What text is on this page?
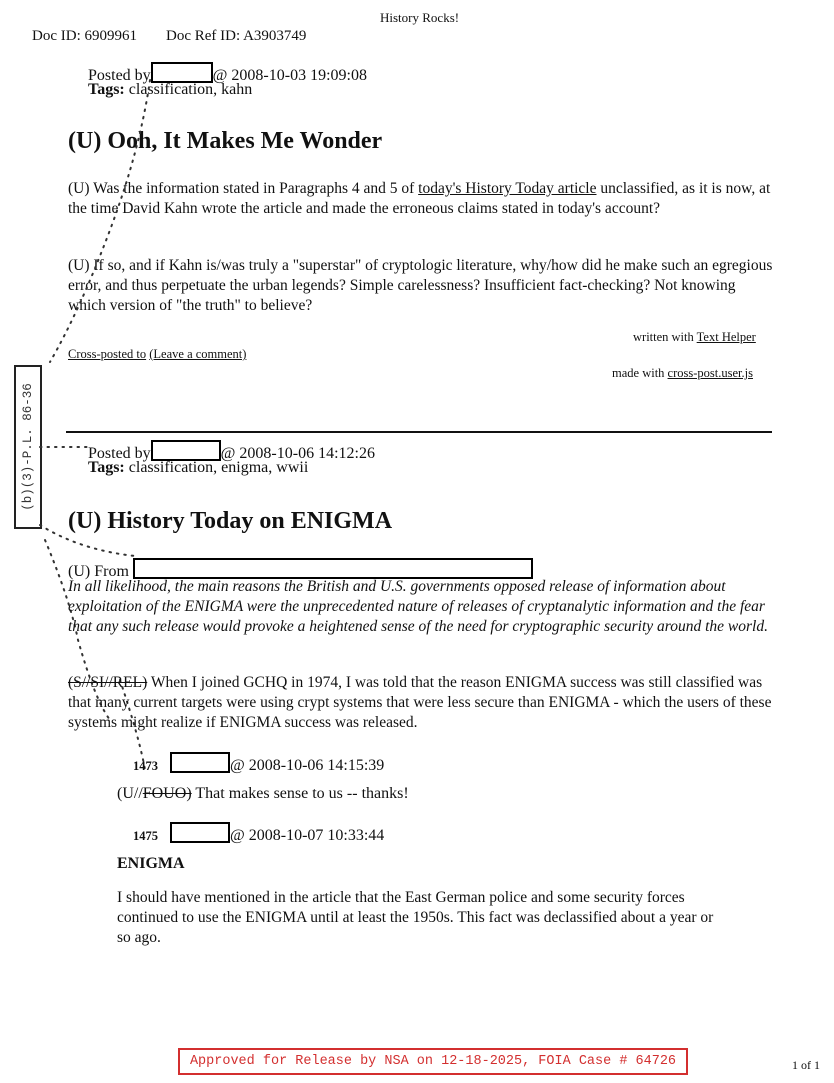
History Rocks!
Doc ID: 6909961 Doc Ref ID: A3903749
Posted by	@ 2008-10-03 19:09:08
Tags: classification, kahn
(U) Ooh, It Makes Me Wonder
(U) Was the information stated in Paragraphs 4 and 5 of today's History Today article unclassified, as it is now, at the time David Kahn wrote the article and made the erroneous claims stated in today's account?
(U) If so, and if Kahn is/was truly a "superstar" of cryptologic literature, why/how did he make such an egregious error, and thus perpetuate the urban legends? Simple carelessness? Insufficient fact-checking? Not knowing which version of "the truth" to believe?
written with Text Helper
Cross-posted to (Leave a comment)
made with cross-post.user.js
(b)(3)-P.L. 86-36	Posted by	@ 2008-10-06 14:12:26
Tags: classification, enigma, wwii
(U) History Today on ENIGMA
(U) From
In all likelihood, the main reasons the British and U.S. governments opposed release of information about exploitation of the ENIGMA were the unprecedented nature of releases of cryptanalytic information and the fear that any such release would provoke a heightened sense of the need for cryptographic security around the world.
(S//SI//REL) When I joined GCHQ in 1974, I was told that the reason ENIGMA success was still classified was that many current targets were using crypt systems that were less secure than ENIGMA - which the users of these systems might realize if ENIGMA success was released.
1473	@ 2008-10-06 14:15:39
(U//FOUO) That makes sense to us -- thanks!
1475	@ 2008-10-07 10:33:44
ENIGMA
I should have mentioned in the article that the East German police and some security forces continued to use the ENIGMA until at least the 1950s. This fact was declassified about a year or so ago.
Approved for Release by NSA on 12-18-2025, FOIA Case # 64726	1 of 1
